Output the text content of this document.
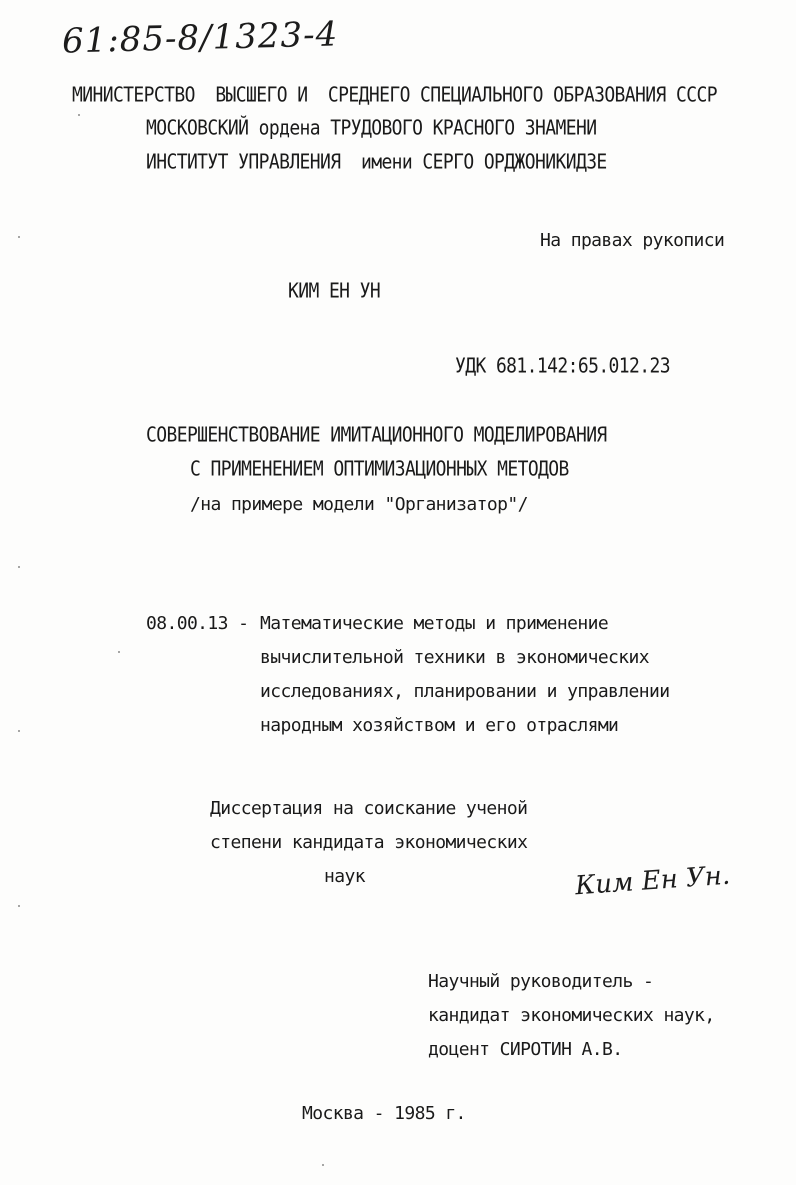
61:85-8/1323-4
МИНИСТЕРСТВО  ВЫСШЕГО И  СРЕДНЕГО СПЕЦИАЛЬНОГО ОБРАЗОВАНИЯ СССР
МОСКОВСКИЙ ордена ТРУДОВОГО КРАСНОГО ЗНАМЕНИ
ИНСТИТУТ УПРАВЛЕНИЯ  имени СЕРГО ОРДЖОНИКИДЗЕ
На правах рукописи
КИМ ЕН УН
УДК 681.142:65.012.23
СОВЕРШЕНСТВОВАНИЕ ИМИТАЦИОННОГО МОДЕЛИРОВАНИЯ
С ПРИМЕНЕНИЕМ ОПТИМИЗАЦИОННЫХ МЕТОДОВ
/на примере модели "Организатор"/
08.00.13 - Математические методы и применение
вычислительной техники в экономических
исследованиях, планировании и управлении
народным хозяйством и его отраслями
Диссертация на соискание ученой
степени кандидата экономических
наук	Ким Ен Ун.
Научный руководитель -
кандидат экономических наук,
доцент СИРОТИН А.В.
Москва - 1985 г.
